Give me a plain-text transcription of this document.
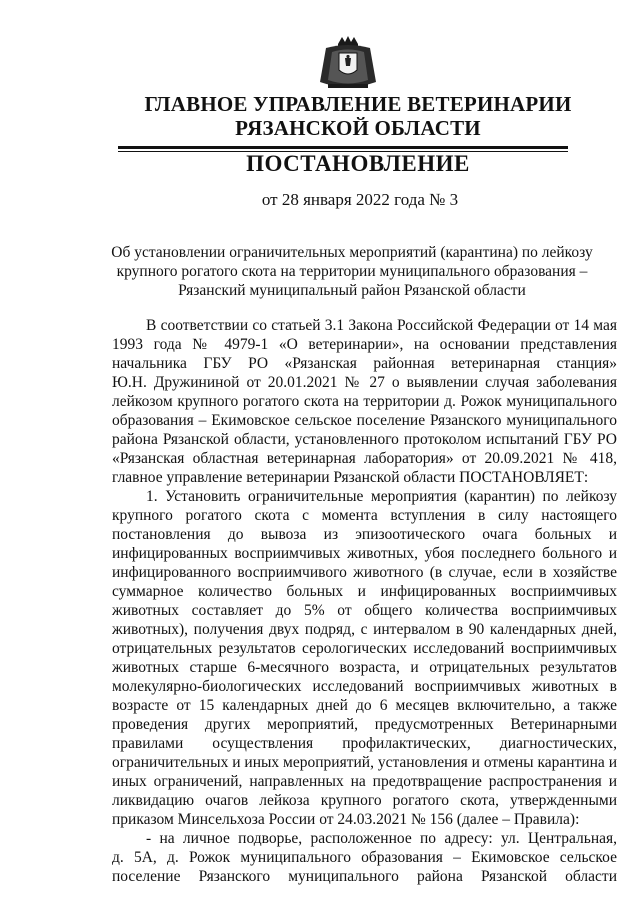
ГЛАВНОЕ УПРАВЛЕНИЕ ВЕТЕРИНАРИИ
РЯЗАНСКОЙ ОБЛАСТИ
ПОСТАНОВЛЕНИЕ
от 28 января 2022 года № 3
Об установлении ограничительных мероприятий (карантина) по лейкозу
крупного рогатого скота на территории муниципального образования –
Рязанский муниципальный район Рязанской области
В соответствии со статьей 3.1 Закона Российской Федерации от 14 мая
1993 года № 4979-1 «О ветеринарии», на основании представления
начальника ГБУ РО «Рязанская районная ветеринарная станция»
Ю.Н. Дружининой от 20.01.2021 № 27 о выявлении случая заболевания
лейкозом крупного рогатого скота на территории д. Рожок муниципального
образования – Екимовское сельское поселение Рязанского муниципального
района Рязанской области, установленного протоколом испытаний ГБУ РО
«Рязанская областная ветеринарная лаборатория» от 20.09.2021 № 418,
главное управление ветеринарии Рязанской области ПОСТАНОВЛЯЕТ:
1. Установить ограничительные мероприятия (карантин) по лейкозу
крупного рогатого скота с момента вступления в силу настоящего
постановления до вывоза из эпизоотического очага больных и
инфицированных восприимчивых животных, убоя последнего больного и
инфицированного восприимчивого животного (в случае, если в хозяйстве
суммарное количество больных и инфицированных восприимчивых
животных составляет до 5% от общего количества восприимчивых
животных), получения двух подряд, с интервалом в 90 календарных дней,
отрицательных результатов серологических исследований восприимчивых
животных старше 6-месячного возраста, и отрицательных результатов
молекулярно-биологических исследований восприимчивых животных в
возрасте от 15 календарных дней до 6 месяцев включительно, а также
проведения других мероприятий, предусмотренных Ветеринарными
правилами осуществления профилактических, диагностических,
ограничительных и иных мероприятий, установления и отмены карантина и
иных ограничений, направленных на предотвращение распространения и
ликвидацию очагов лейкоза крупного рогатого скота, утвержденными
приказом Минсельхоза России от 24.03.2021 № 156 (далее – Правила):
- на личное подворье, расположенное по адресу: ул. Центральная,
д. 5А, д. Рожок муниципального образования – Екимовское сельское
поселение Рязанского муниципального района Рязанской области
